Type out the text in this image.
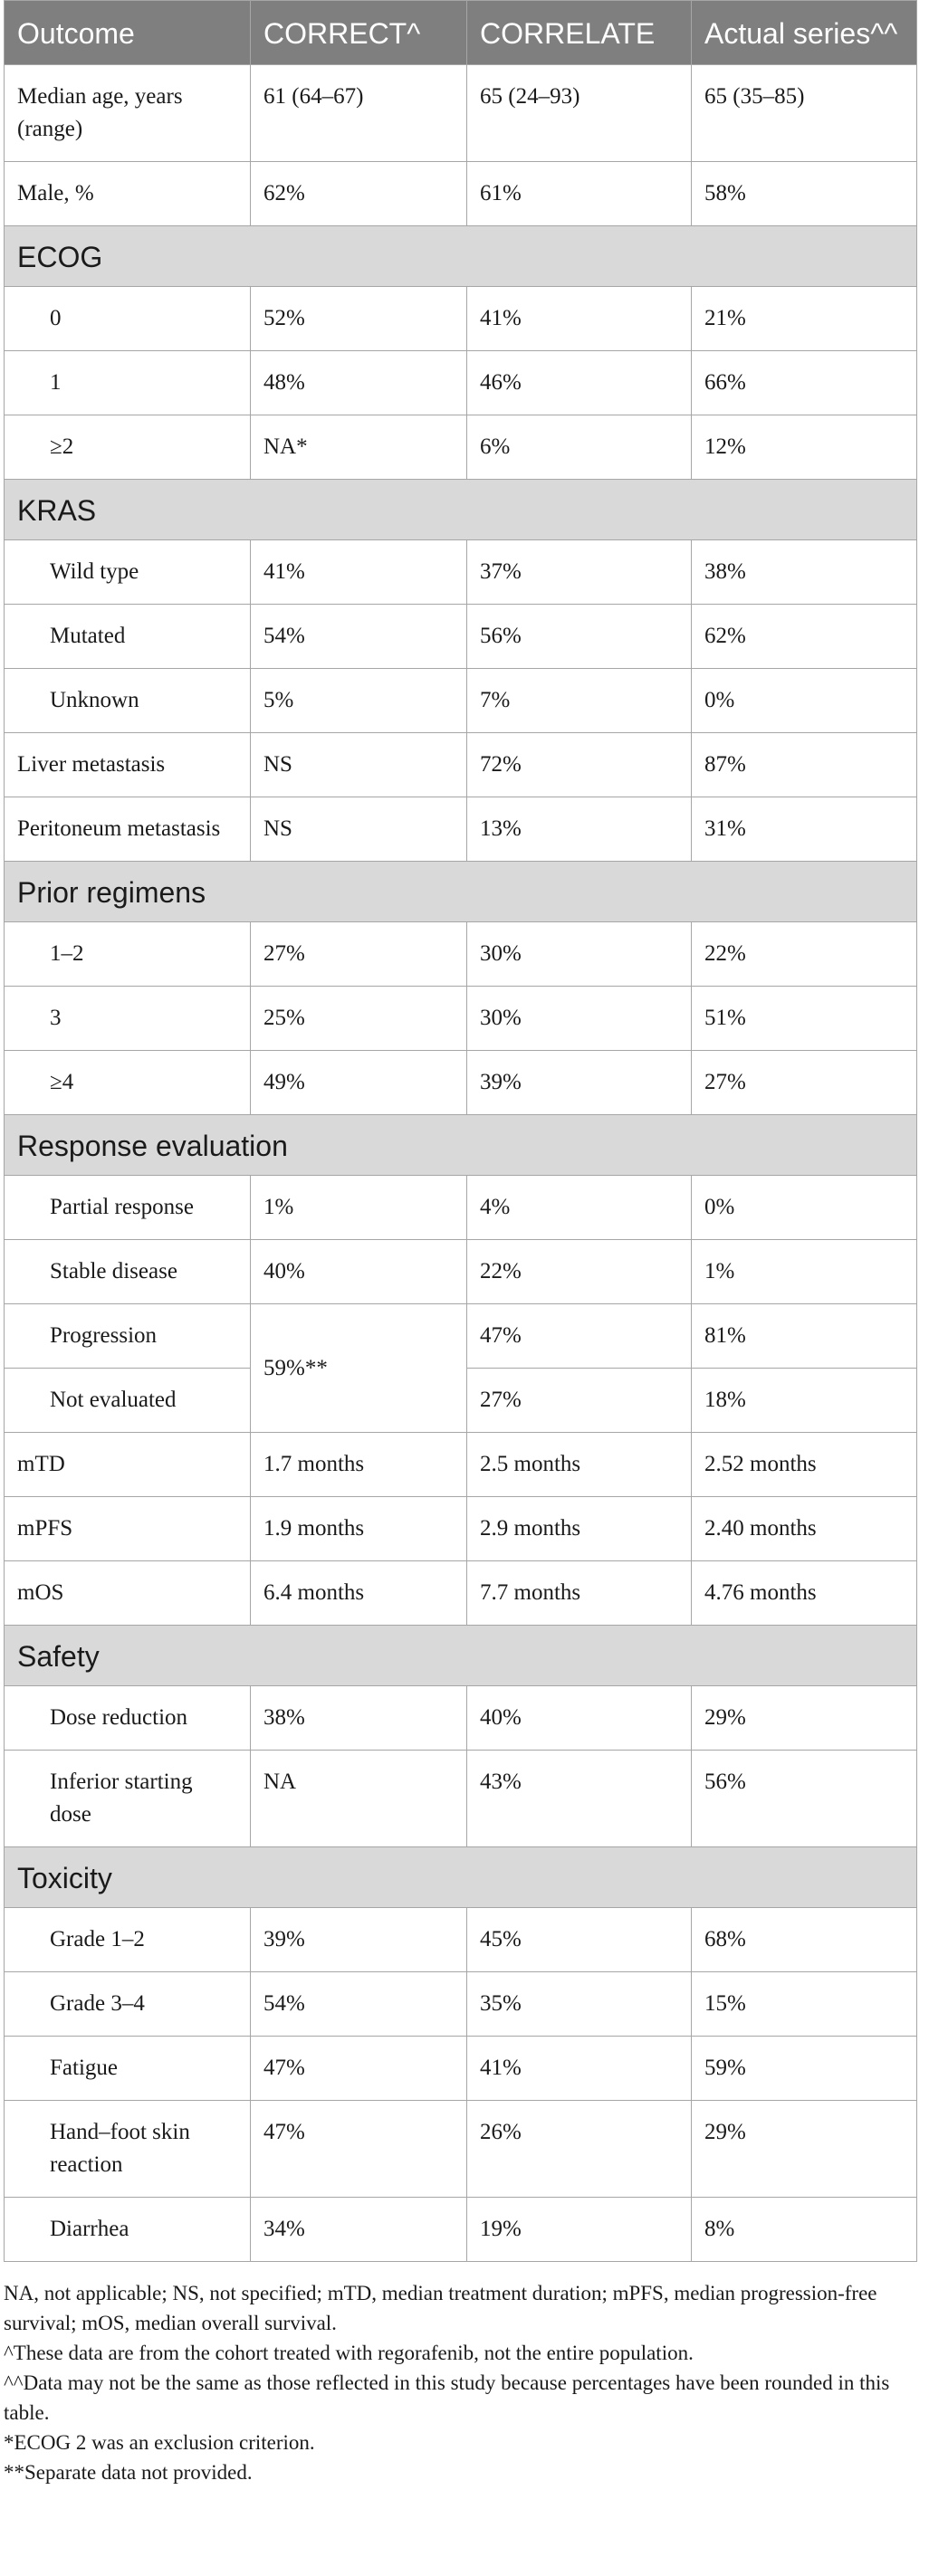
Outcome	CORRECT^	CORRELATE	Actual series^^
Median age, years (range)	61 (64–67)	65 (24–93)	65 (35–85)
Male, %	62%	61%	58%
ECOG			
0	52%	41%	21%
1	48%	46%	66%
≥2	NA*	6%	12%
KRAS			
Wild type	41%	37%	38%
Mutated	54%	56%	62%
Unknown	5%	7%	0%
Liver metastasis	NS	72%	87%
Peritoneum metastasis	NS	13%	31%
Prior regimens			
1–2	27%	30%	22%
3	25%	30%	51%
≥4	49%	39%	27%
Response evaluation			
Partial response	1%	4%	0%
Stable disease	40%	22%	1%
Progression	59%**	47%	81%
Not evaluated		27%	18%
mTD	1.7 months	2.5 months	2.52 months
mPFS	1.9 months	2.9 months	2.40 months
mOS	6.4 months	7.7 months	4.76 months
Safety			
Dose reduction	38%	40%	29%
Inferior starting dose	NA	43%	56%
Toxicity			
Grade 1–2	39%	45%	68%
Grade 3–4	54%	35%	15%
Fatigue	47%	41%	59%
Hand–foot skin reaction	47%	26%	29%
Diarrhea	34%	19%	8%
NA, not applicable; NS, not specified; mTD, median treatment duration; mPFS, median progression-free survival; mOS, median overall survival.
^These data are from the cohort treated with regorafenib, not the entire population.
^^Data may not be the same as those reflected in this study because percentages have been rounded in this table.
*ECOG 2 was an exclusion criterion.
**Separate data not provided.
